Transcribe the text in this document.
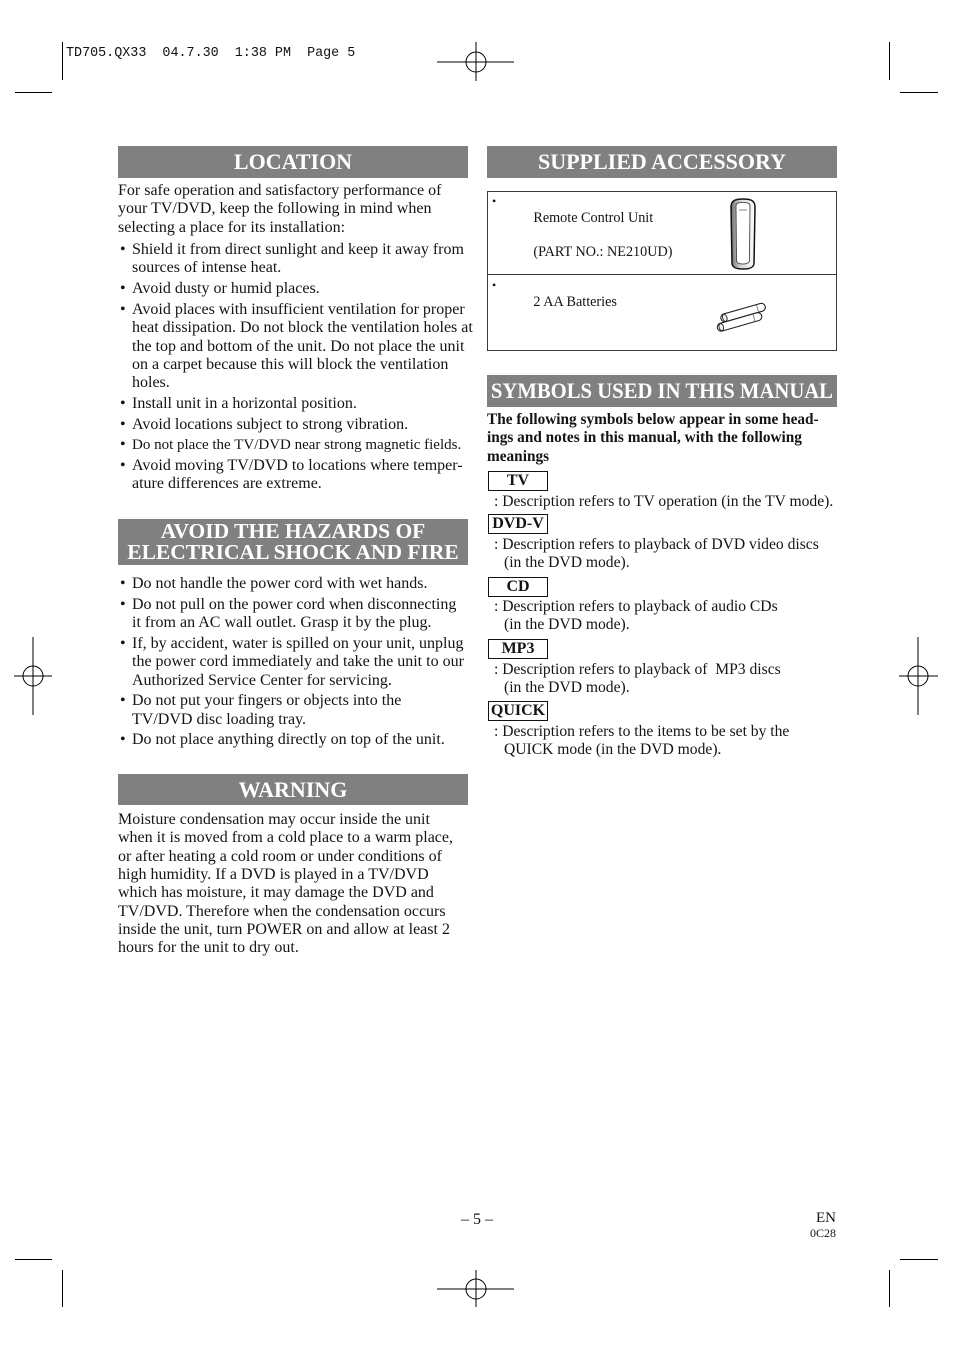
TD705.QX33  04.7.30  1:38 PM  Page 5
LOCATION
For safe operation and satisfactory performance of
your TV/DVD, keep the following in mind when
selecting a place for its installation:
• Shield it from direct sunlight and keep it away from
sources of intense heat.
• Avoid dusty or humid places.
• Avoid places with insufficient ventilation for proper
heat dissipation. Do not block the ventilation holes at
the top and bottom of the unit. Do not place the unit
on a carpet because this will block the ventilation
holes.
• Install unit in a horizontal position.
• Avoid locations subject to strong vibration.
• Do not place the TV/DVD near strong magnetic fields.
• Avoid moving TV/DVD to locations where temper-
ature differences are extreme.
AVOID THE HAZARDS OF
ELECTRICAL SHOCK AND FIRE
• Do not handle the power cord with wet hands.
• Do not pull on the power cord when disconnecting
it from an AC wall outlet. Grasp it by the plug.
• If, by accident, water is spilled on your unit, unplug
the power cord immediately and take the unit to our
Authorized Service Center for servicing.
• Do not put your fingers or objects into the
TV/DVD disc loading tray.
• Do not place anything directly on top of the unit.
WARNING
Moisture condensation may occur inside the unit
when it is moved from a cold place to a warm place,
or after heating a cold room or under conditions of
high humidity. If a DVD is played in a TV/DVD
which has moisture, it may damage the DVD and
TV/DVD. Therefore when the condensation occurs
inside the unit, turn POWER on and allow at least 2
hours for the unit to dry out.
SUPPLIED ACCESSORY

• Remote Control Unit

(PART NO.: NE210UD)

• 2 AA Batteries

SYMBOLS USED IN THIS MANUAL
The following symbols below appear in some head-
ings and notes in this manual, with the following
meanings
TV
: Description refers to TV operation (in the TV mode).
DVD-V
: Description refers to playback of DVD video discs
(in the DVD mode).
CD
: Description refers to playback of audio CDs
(in the DVD mode).
MP3
: Description refers to playback of  MP3 discs
(in the DVD mode).
QUICK
: Description refers to the items to be set by the
QUICK mode (in the DVD mode).
– 5 –	EN
0C28
